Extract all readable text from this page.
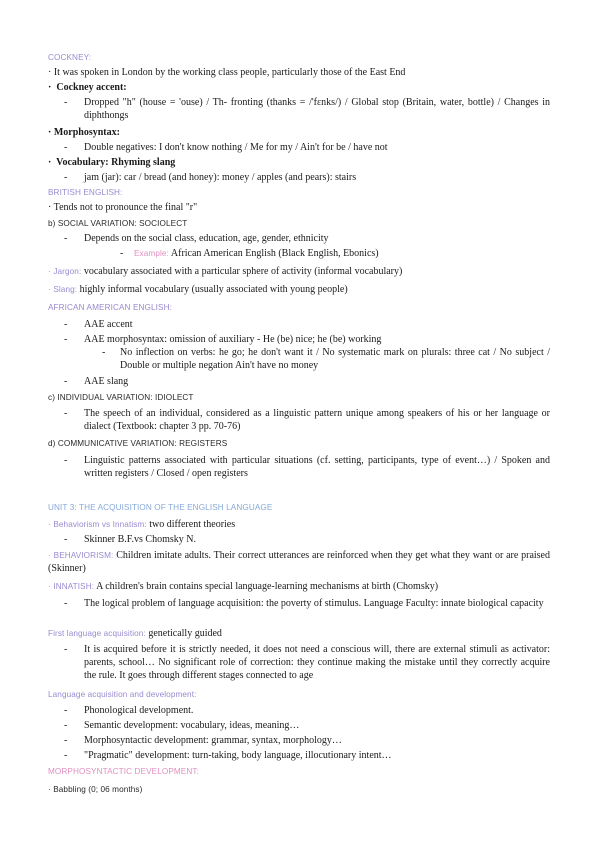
COCKNEY:
· It was spoken in London by the working class people, particularly those of the East End
· Cockney accent:
- Dropped "h" (house = 'ouse) / Th- fronting (thanks = /'fɛnks/) / Global stop (Britain, water, bottle) / Changes in diphthongs
· Morphosyntax:
- Double negatives: I don't know nothing / Me for my / Ain't for be / have not
· Vocabulary: Rhyming slang
- jam (jar): car / bread (and honey): money / apples (and pears): stairs
BRITISH ENGLISH:
· Tends not to pronounce the final "r"
b) SOCIAL VARIATION: SOCIOLECT
- Depends on the social class, education, age, gender, ethnicity
- Example: African American English (Black English, Ebonics)
· Jargon: vocabulary associated with a particular sphere of activity (informal vocabulary)
· Slang: highly informal vocabulary (usually associated with young people)
AFRICAN AMERICAN ENGLISH:
- AAE accent
- AAE morphosyntax: omission of auxiliary - He (be) nice; he (be) working
- No inflection on verbs: he go; he don't want it / No systematic mark on plurals: three cat / No subject / Double or multiple negation Ain't have no money
- AAE slang
c) INDIVIDUAL VARIATION: IDIOLECT
- The speech of an individual, considered as a linguistic pattern unique among speakers of his or her language or dialect (Textbook: chapter 3 pp. 70-76)
d) COMMUNICATIVE VARIATION: REGISTERS
- Linguistic patterns associated with particular situations (cf. setting, participants, type of event…) / Spoken and written registers / Closed / open registers
UNIT 3: THE ACQUISITION OF THE ENGLISH LANGUAGE
· Behaviorism vs Innatism: two different theories
- Skinner B.F.vs Chomsky N.
· BEHAVIORISM: Children imitate adults. Their correct utterances are reinforced when they get what they want or are praised (Skinner)
· INNATISH: A children's brain contains special language-learning mechanisms at birth (Chomsky)
- The logical problem of language acquisition: the poverty of stimulus. Language Faculty: innate biological capacity
First language acquisition: genetically guided
- It is acquired before it is strictly needed, it does not need a conscious will, there are external stimuli as activator: parents, school… No significant role of correction: they continue making the mistake until they correctly acquire the rule. It goes through different stages connected to age
Language acquisition and development:
- Phonological development.
- Semantic development: vocabulary, ideas, meaning…
- Morphosyntactic development: grammar, syntax, morphology…
- "Pragmatic" development: turn-taking, body language, illocutionary intent…
MORPHOSYNTACTIC DEVELOPMENT:
· Babbling (0; 06 months)
